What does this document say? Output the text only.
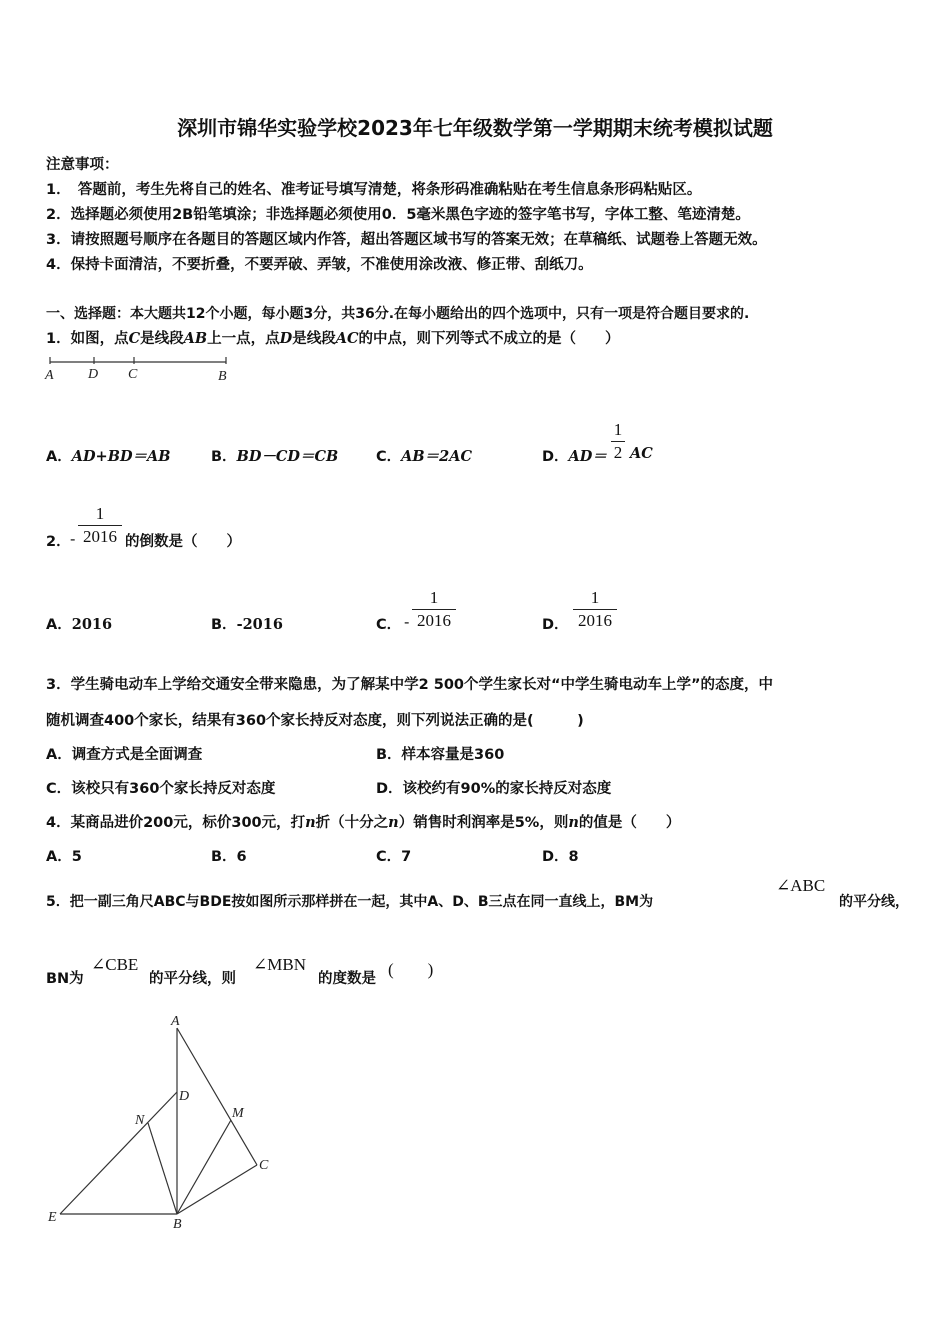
深圳市锦华实验学校2023年七年级数学第一学期期末统考模拟试题
注意事项：
1．　答题前，考生先将自己的姓名、准考证号填写清楚，将条形码准确粘贴在考生信息条形码粘贴区。
2．选择题必须使用2B铅笔填涂；非选择题必须使用0．5毫米黑色字迹的签字笔书写，字体工整、笔迹清楚。
3．请按照题号顺序在各题目的答题区域内作答，超出答题区域书写的答案无效；在草稿纸、试题卷上答题无效。
4．保持卡面清洁，不要折叠，不要弄破、弄皱，不准使用涂改液、修正带、刮纸刀。
一、选择题：本大题共12个小题，每小题3分，共36分.在每小题给出的四个选项中，只有一项是符合题目要求的.
1．如图，点C是线段AB上一点，点D是线段AC的中点，则下列等式不成立的是（　　）
A D C	B
A．AD+BD＝AB	B．BD－CD＝CB	C．AB＝2AC	D．AD＝
1
2 AC
2． -
1
2016 的倒数是（　　）
A．2016	B．-2016	C． -
1
2016	D．
1
2016
3．学生骑电动车上学给交通安全带来隐患，为了解某中学2 500个学生家长对“中学生骑电动车上学”的态度，中
随机调查400个家长，结果有360个家长持反对态度，则下列说法正确的是(　　　)
A．调查方式是全面调查	B．样本容量是360
C．该校只有360个家长持反对态度	D．该校约有90%的家长持反对态度
4．某商品进价200元，标价300元，打n折（十分之n）销售时利润率是5%，则n的值是（　　）
A．5	B．6	C．7	D．8
5．把一副三角尺ABC与BDE按如图所示那样拼在一起，其中A、D、B三点在同一直线上，BM为
∠ABC
的平分线，
BN为
∠CBE
的平分线，则
∠MBN
的度数是 (　　)
A
D
M
N
C
E	B
